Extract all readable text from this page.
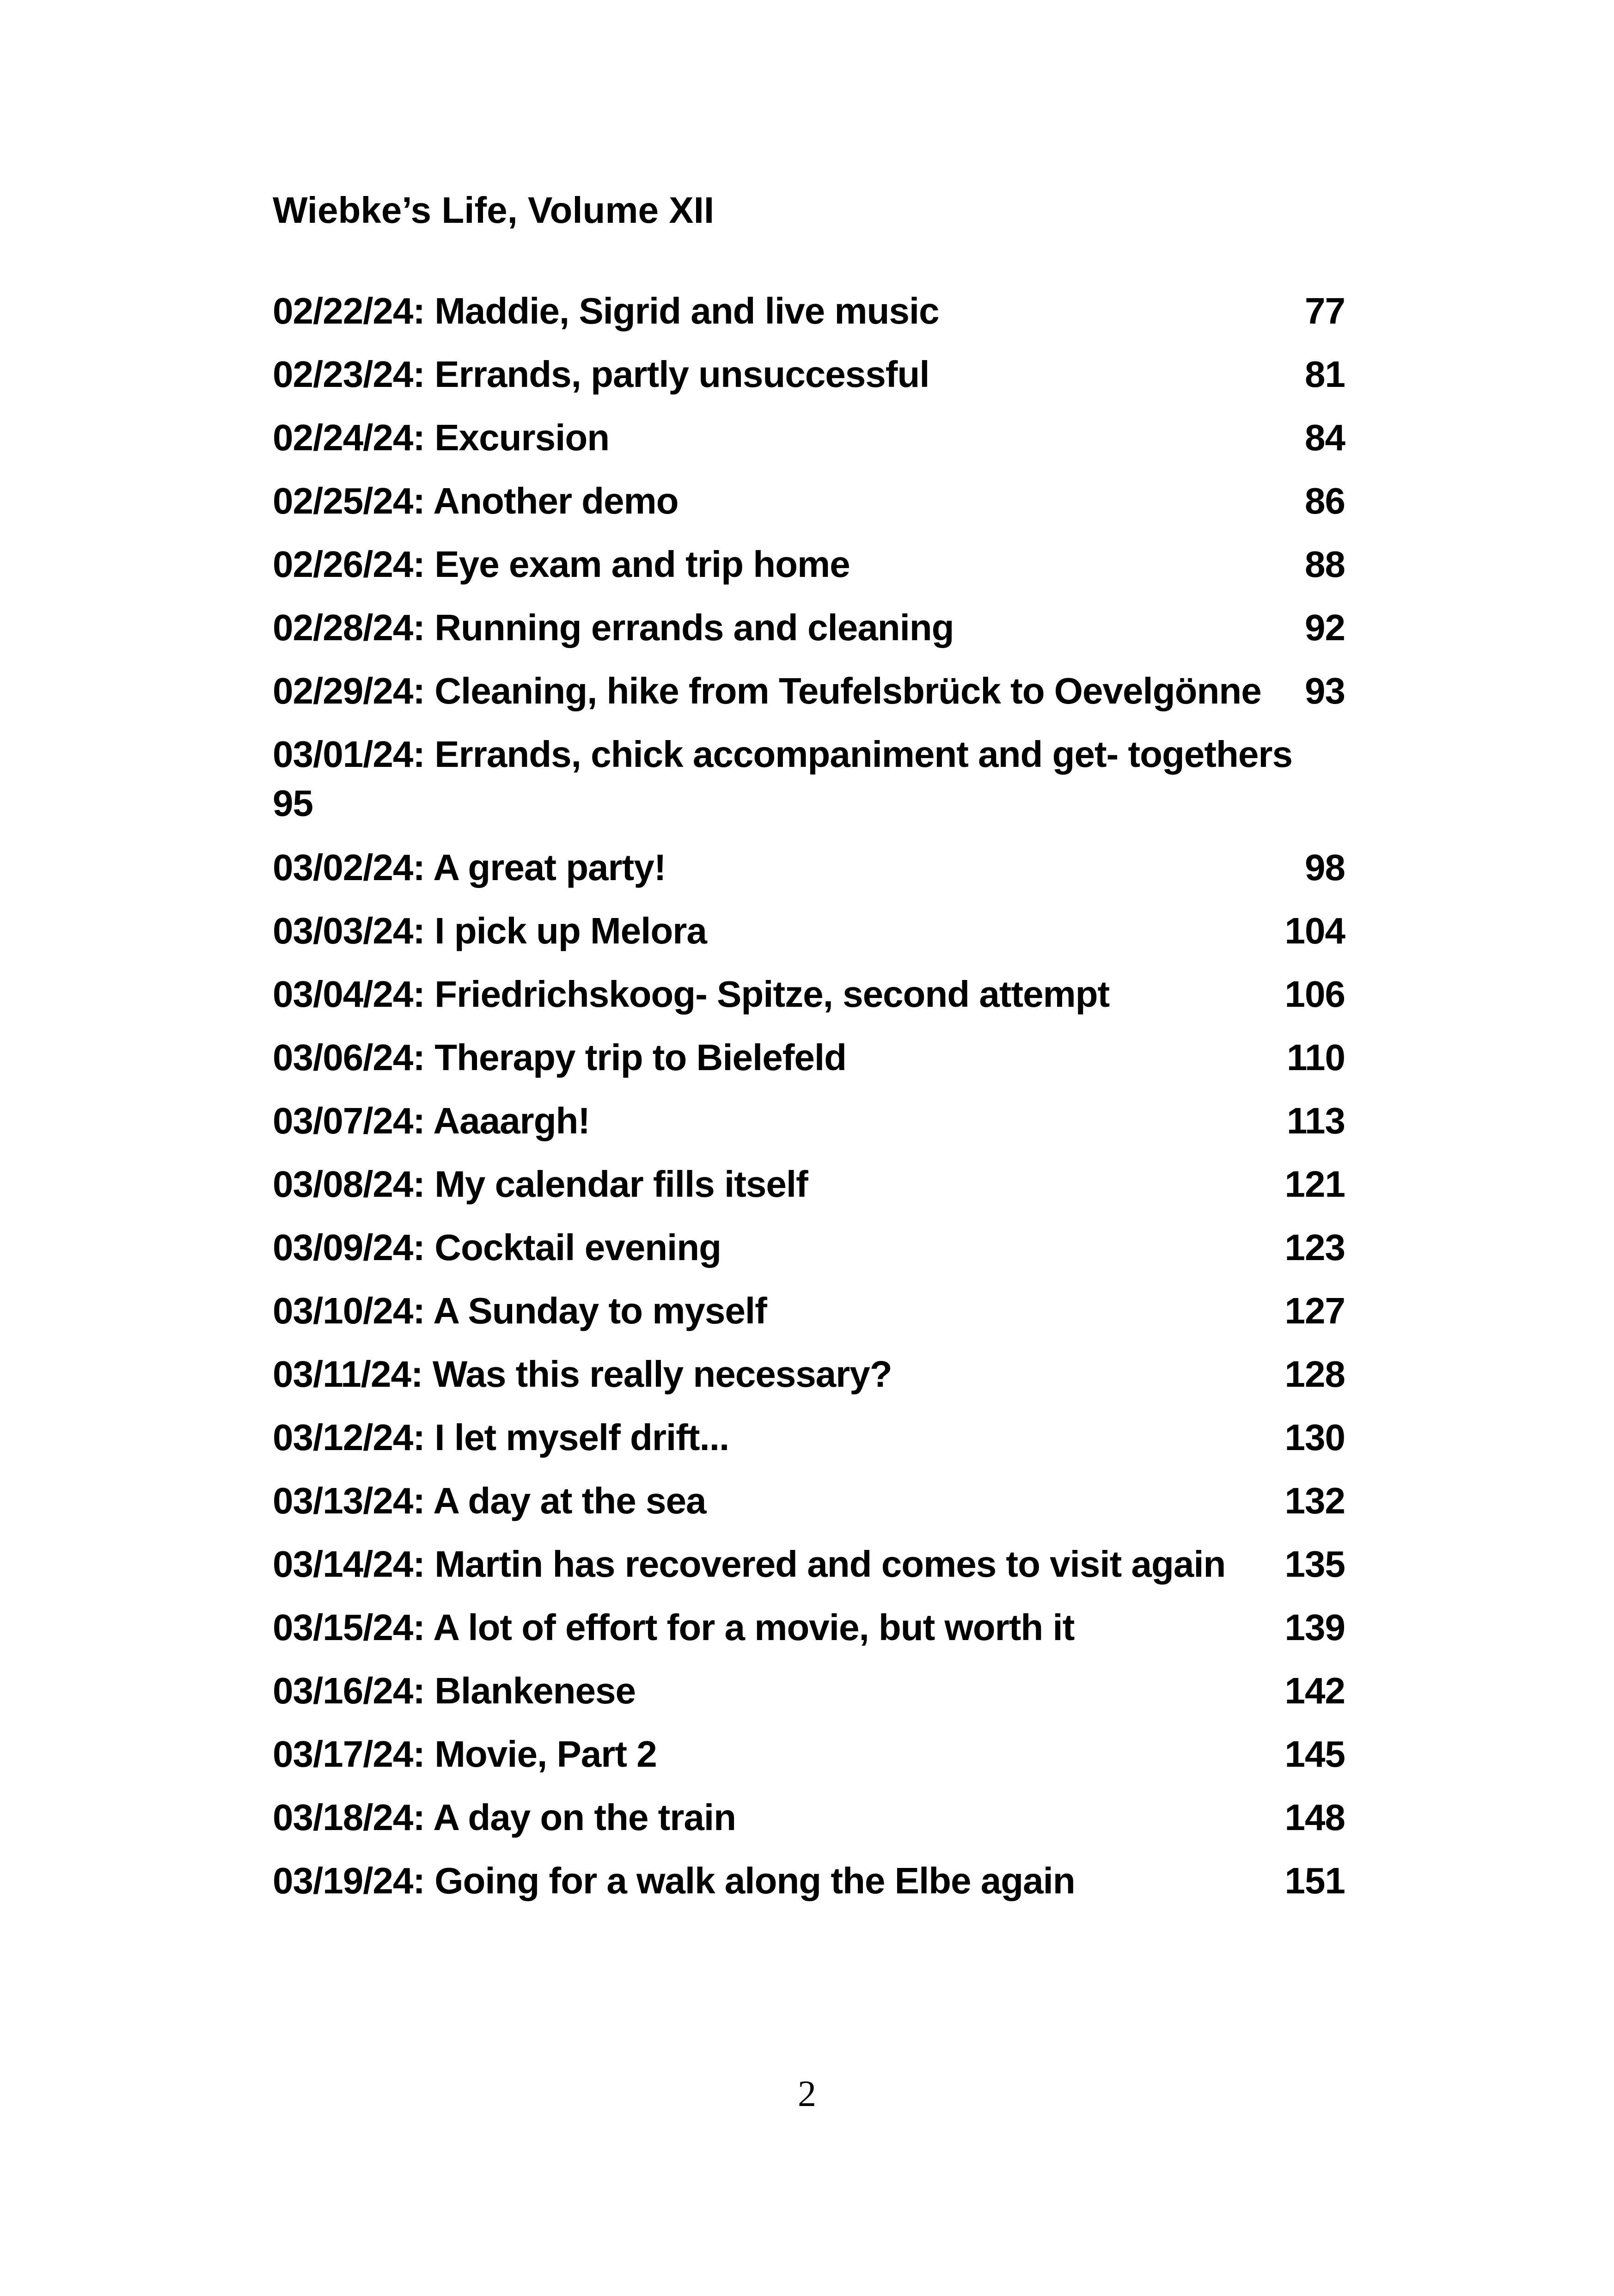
Wiebke’s Life, Volume XII
02/22/24: Maddie, Sigrid and live music	77
02/23/24: Errands, partly unsuccessful	81
02/24/24: Excursion	84
02/25/24: Another demo	86
02/26/24: Eye exam and trip home	88
02/28/24: Running errands and cleaning	92
02/29/24: Cleaning, hike from Teufelsbrück to Oevelgönne 93
03/01/24: Errands, chick accompaniment and get- togethers
95
03/02/24: A great party!	98
03/03/24: I pick up Melora	104
03/04/24: Friedrichskoog- Spitze, second attempt	106
03/06/24: Therapy trip to Bielefeld	110
03/07/24: Aaaargh!	113
03/08/24: My calendar fills itself	121
03/09/24: Cocktail evening	123
03/10/24: A Sunday to myself	127
03/11/24: Was this really necessary?	128
03/12/24: I let myself drift...	130
03/13/24: A day at the sea	132
03/14/24: Martin has recovered and comes to visit again 135
03/15/24: A lot of effort for a movie, but worth it	139
03/16/24: Blankenese	142
03/17/24: Movie, Part 2	145
03/18/24: A day on the train	148
03/19/24: Going for a walk along the Elbe again	151
2
